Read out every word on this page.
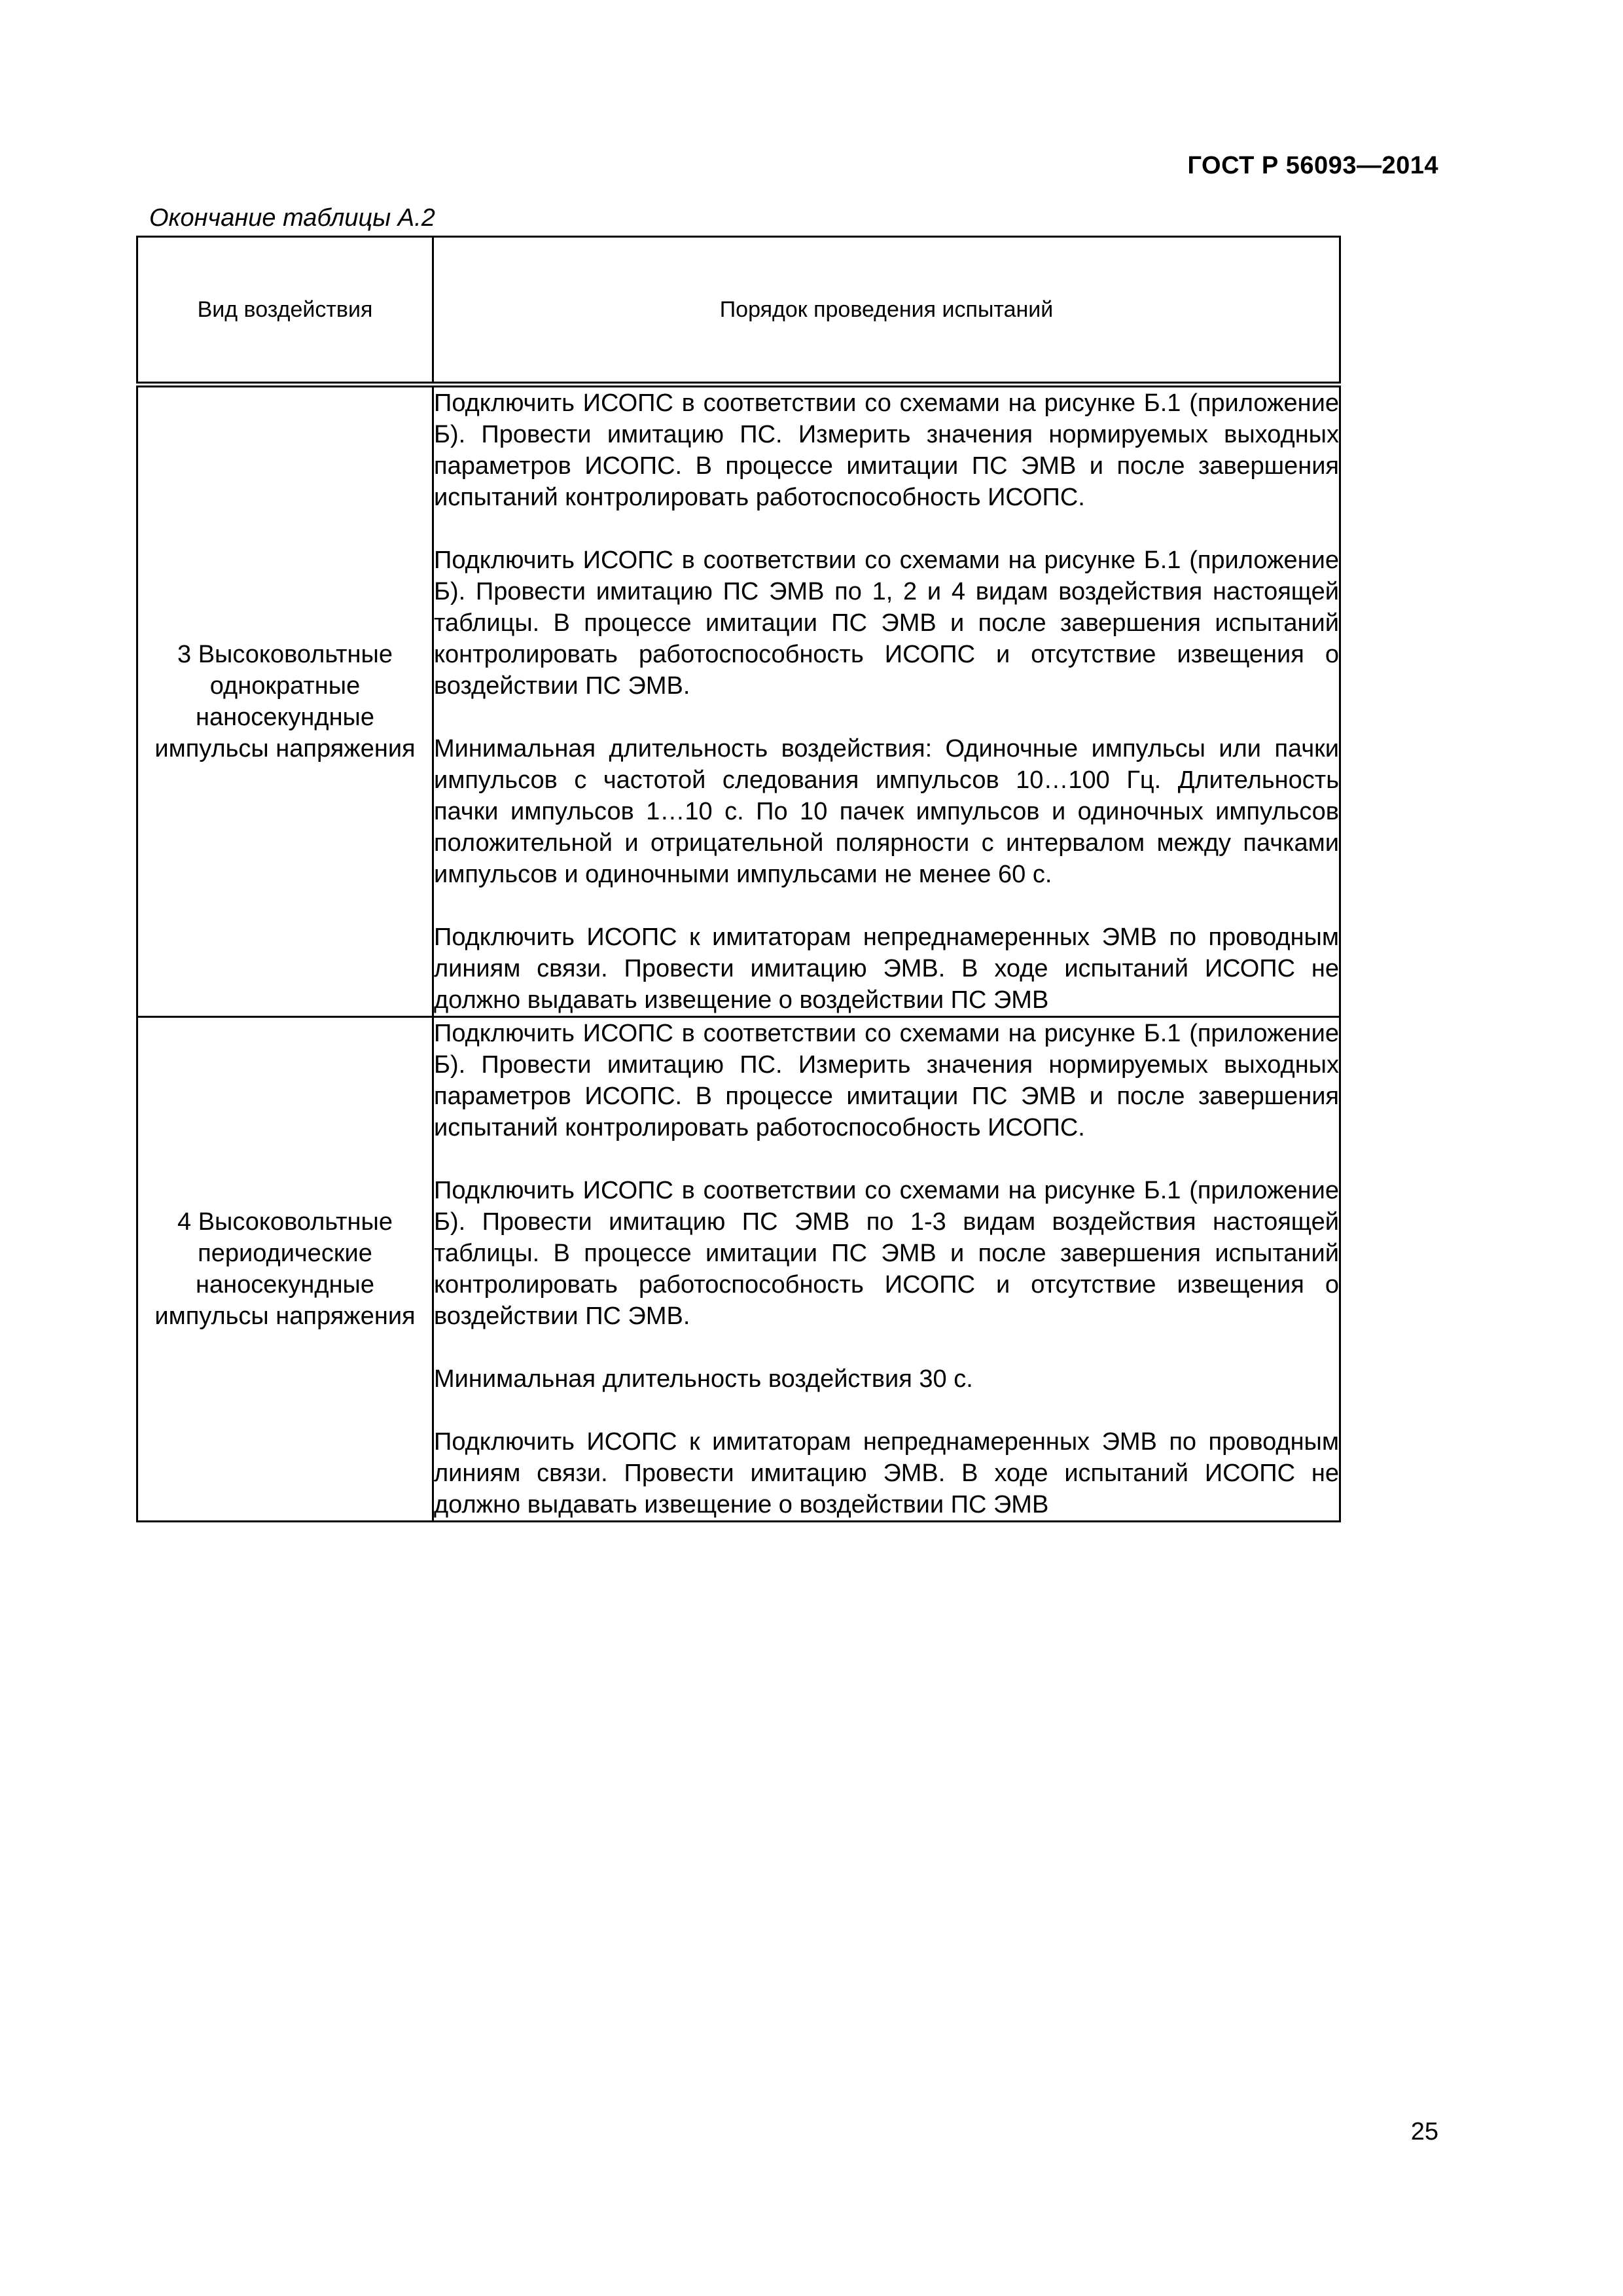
ГОСТ Р 56093—2014
Окончание таблицы А.2
Вид воздействия	Порядок проведения испытаний
3 Высоковольтные однократные наносекундные импульсы напряжения	Подключить ИСОПС в соответствии со схемами на рисунке Б.1 (приложение Б). Провести имитацию ПС. Измерить значения нормируемых выходных параметров ИСОПС. В процессе имитации ПС ЭМВ и после завершения испытаний контролировать работоспособность ИСОПС.

Подключить ИСОПС в соответствии со схемами на рисунке Б.1 (приложение Б). Провести имитацию ПС ЭМВ по 1, 2 и 4 видам воздействия настоящей таблицы. В процессе имитации ПС ЭМВ и после завершения испытаний контролировать работоспособность ИСОПС и отсутствие извещения о воздействии ПС ЭМВ.

Минимальная длительность воздействия: Одиночные импульсы или пачки импульсов с частотой следования импульсов 10…100 Гц. Длительность пачки импульсов 1…10 с. По 10 пачек импульсов и одиночных импульсов положительной и отрицательной полярности с интервалом между пачками импульсов и одиночными импульсами не менее 60 с.

Подключить ИСОПС к имитаторам непреднамеренных ЭМВ по проводным линиям связи. Провести имитацию ЭМВ. В ходе испытаний ИСОПС не должно выдавать извещение о воздействии ПС ЭМВ

4 Высоковольтные периодические наносекундные импульсы напряжения	Подключить ИСОПС в соответствии со схемами на рисунке Б.1 (приложение Б). Провести имитацию ПС. Измерить значения нормируемых выходных параметров ИСОПС. В процессе имитации ПС ЭМВ и после завершения испытаний контролировать работоспособность ИСОПС.

Подключить ИСОПС в соответствии со схемами на рисунке Б.1 (приложение Б). Провести имитацию ПС ЭМВ по 1-3 видам воздействия настоящей таблицы. В процессе имитации ПС ЭМВ и после завершения испытаний контролировать работоспособность ИСОПС и отсутствие извещения о воздействии ПС ЭМВ.

Минимальная длительность воздействия 30 с.

Подключить ИСОПС к имитаторам непреднамеренных ЭМВ по проводным линиям связи. Провести имитацию ЭМВ. В ходе испытаний ИСОПС не должно выдавать извещение о воздействии ПС ЭМВ

25
